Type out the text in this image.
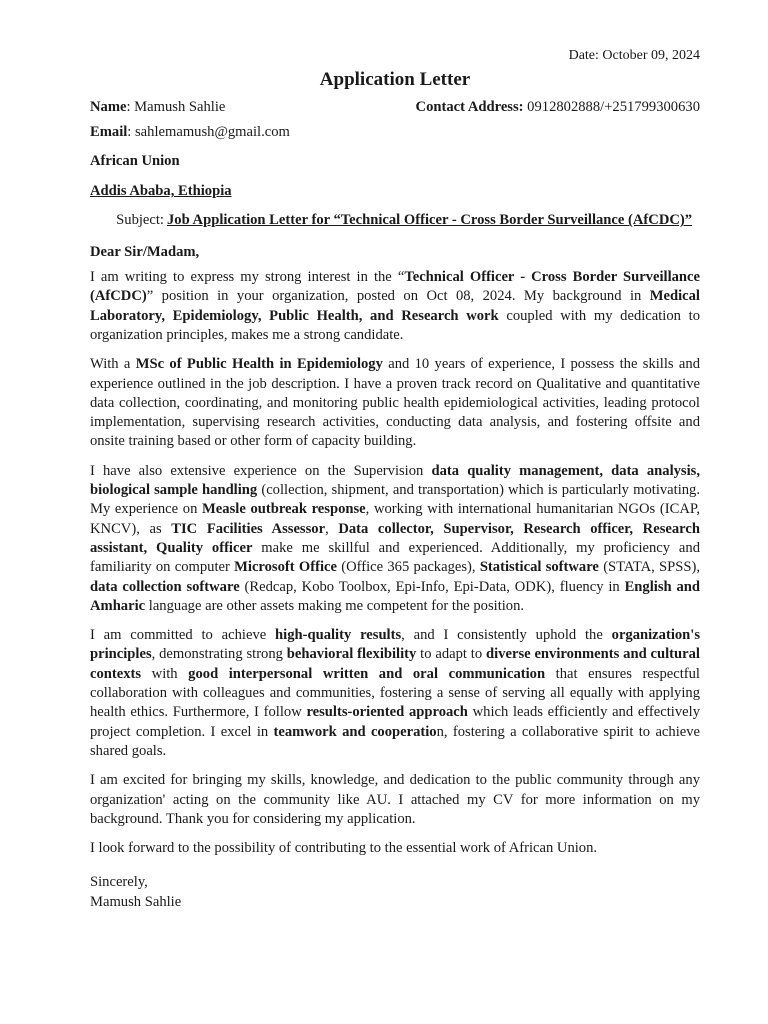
Date: October 09, 2024
Application Letter
Name: Mamush Sahlie	Contact Address: 0912802888/+251799300630
Email: sahlemamush@gmail.com
African Union
Addis Ababa, Ethiopia
Subject: Job Application Letter for “Technical Officer - Cross Border Surveillance (AfCDC)”
Dear Sir/Madam,

I am writing to express my strong interest in the “Technical Officer - Cross Border Surveillance (AfCDC)” position in your organization, posted on Oct 08, 2024. My background in Medical Laboratory, Epidemiology, Public Health, and Research work coupled with my dedication to organization principles, makes me a strong candidate.

With a MSc of Public Health in Epidemiology and 10 years of experience, I possess the skills and experience outlined in the job description. I have a proven track record on Qualitative and quantitative data collection, coordinating, and monitoring public health epidemiological activities, leading protocol implementation, supervising research activities, conducting data analysis, and fostering offsite and onsite training based or other form of capacity building.

I have also extensive experience on the Supervision data quality management, data analysis, biological sample handling (collection, shipment, and transportation) which is particularly motivating. My experience on Measle outbreak response, working with international humanitarian NGOs (ICAP, KNCV), as TIC Facilities Assessor, Data collector, Supervisor, Research officer, Research assistant, Quality officer make me skillful and experienced. Additionally, my proficiency and familiarity on computer Microsoft Office (Office 365 packages), Statistical software (STATA, SPSS), data collection software (Redcap, Kobo Toolbox, Epi-Info, Epi-Data, ODK), fluency in English and Amharic language are other assets making me competent for the position.

I am committed to achieve high-quality results, and I consistently uphold the organization's principles, demonstrating strong behavioral flexibility to adapt to diverse environments and cultural contexts with good interpersonal written and oral communication that ensures respectful collaboration with colleagues and communities, fostering a sense of serving all equally with applying health ethics. Furthermore, I follow results-oriented approach which leads efficiently and effectively project completion. I excel in teamwork and cooperation, fostering a collaborative spirit to achieve shared goals.

I am excited for bringing my skills, knowledge, and dedication to the public community through any organization' acting on the community like AU. I attached my CV for more information on my background. Thank you for considering my application.

I look forward to the possibility of contributing to the essential work of African Union.

Sincerely,
Mamush Sahlie
